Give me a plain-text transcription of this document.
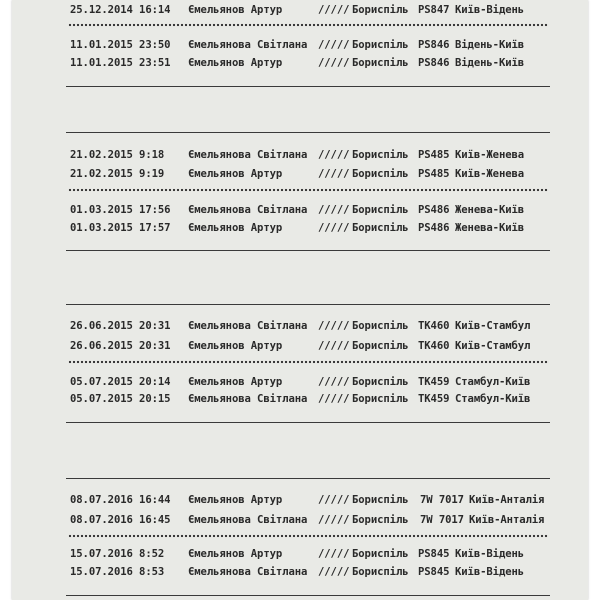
25.12.2014 16:14 Ємельянов Артур	///// Бориспіль PS847 Київ-Відень
11.01.2015 23:50 Ємельянова Світлана ///// Бориспіль PS846 Відень-Київ
11.01.2015 23:51 Ємельянов Артур	///// Бориспіль PS846 Відень-Київ
21.02.2015 9:18 Ємельянова Світлана ///// Бориспіль PS485 Київ-Женева
21.02.2015 9:19 Ємельянов Артур	///// Бориспіль PS485 Київ-Женева
01.03.2015 17:56 Ємельянова Світлана ///// Бориспіль PS486 Женева-Київ
01.03.2015 17:57 Ємельянов Артур	///// Бориспіль PS486 Женева-Київ
26.06.2015 20:31 Ємельянова Світлана ///// Бориспіль TK460 Київ-Стамбул
26.06.2015 20:31 Ємельянов Артур	///// Бориспіль TK460 Київ-Стамбул
05.07.2015 20:14 Ємельянов Артур	///// Бориспіль TK459 Стамбул-Київ
05.07.2015 20:15 Ємельянова Світлана ///// Бориспіль TK459 Стамбул-Київ
08.07.2016 16:44 Ємельянов Артур	///// Бориспіль 7W 7017 Київ-Анталія
08.07.2016 16:45 Ємельянова Світлана ///// Бориспіль 7W 7017 Київ-Анталія
15.07.2016 8:52 Ємельянов Артур	///// Бориспіль PS845 Київ-Відень
15.07.2016 8:53 Ємельянова Світлана ///// Бориспіль PS845 Київ-Відень
